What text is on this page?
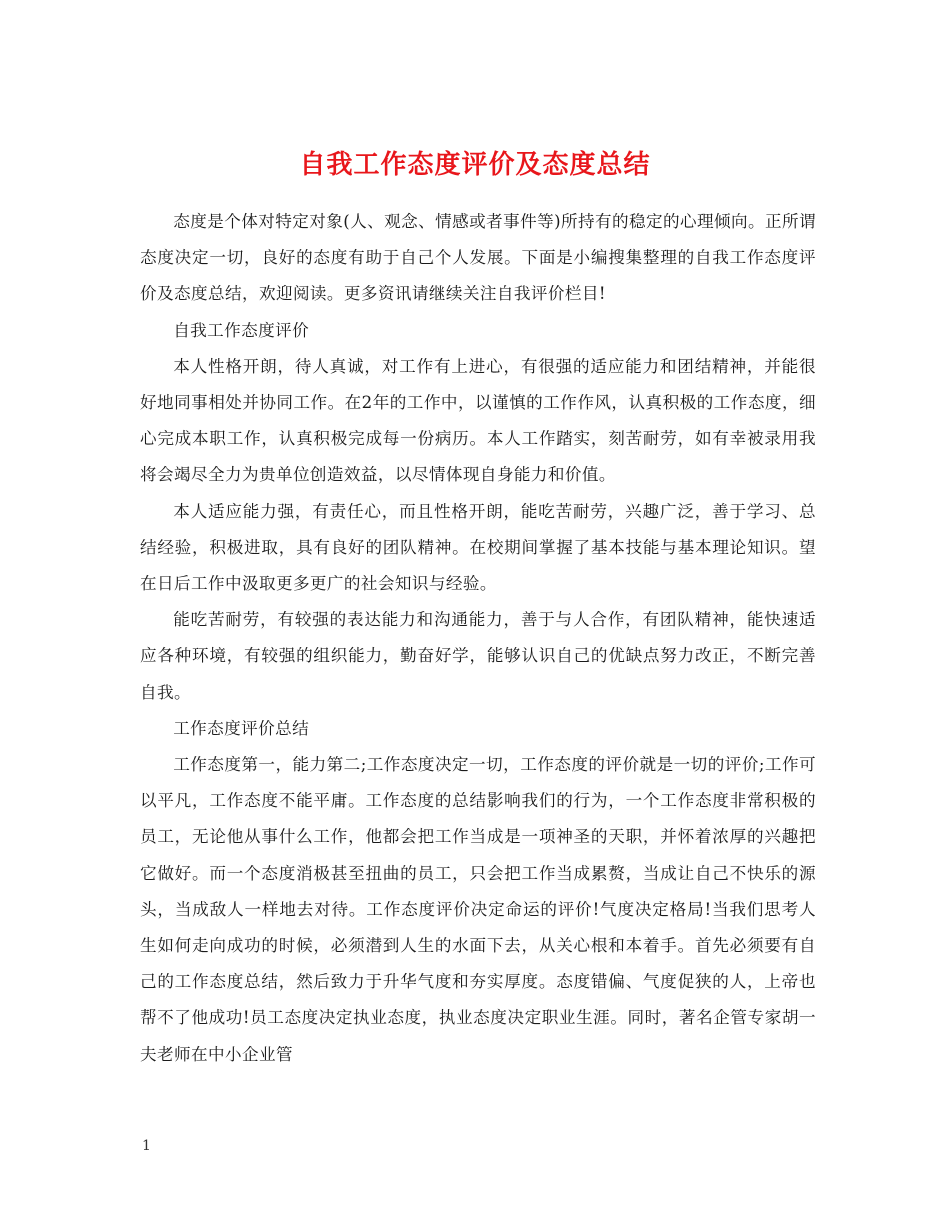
自我工作态度评价及态度总结

态度是个体对特定对象(人、观念、情感或者事件等)所持有的稳定的心理倾向。正所谓态度决定一切，良好的态度有助于自己个人发展。下面是小编搜集整理的自我工作态度评价及态度总结，欢迎阅读。更多资讯请继续关注自我评价栏目!

自我工作态度评价

本人性格开朗，待人真诚，对工作有上进心，有很强的适应能力和团结精神，并能很好地同事相处并协同工作。在2年的工作中，以谨慎的工作作风，认真积极的工作态度，细心完成本职工作，认真积极完成每一份病历。本人工作踏实，刻苦耐劳，如有幸被录用我将会竭尽全力为贵单位创造效益，以尽情体现自身能力和价值。

本人适应能力强，有责任心，而且性格开朗，能吃苦耐劳，兴趣广泛，善于学习、总结经验，积极进取，具有良好的团队精神。在校期间掌握了基本技能与基本理论知识。望在日后工作中汲取更多更广的社会知识与经验。

能吃苦耐劳，有较强的表达能力和沟通能力，善于与人合作，有团队精神，能快速适应各种环境，有较强的组织能力，勤奋好学，能够认识自己的优缺点努力改正，不断完善自我。

工作态度评价总结

工作态度第一，能力第二;工作态度决定一切，工作态度的评价就是一切的评价;工作可以平凡，工作态度不能平庸。工作态度的总结影响我们的行为，一个工作态度非常积极的员工，无论他从事什么工作，他都会把工作当成是一项神圣的天职，并怀着浓厚的兴趣把它做好。而一个态度消极甚至扭曲的员工，只会把工作当成累赘，当成让自己不快乐的源头，当成敌人一样地去对待。工作态度评价决定命运的评价!气度决定格局!当我们思考人生如何走向成功的时候，必须潜到人生的水面下去，从关心根和本着手。首先必须要有自己的工作态度总结，然后致力于升华气度和夯实厚度。态度错偏、气度促狭的人，上帝也帮不了他成功!员工态度决定执业态度，执业态度决定职业生涯。同时，著名企管专家胡一夫老师在中小企业管

1
